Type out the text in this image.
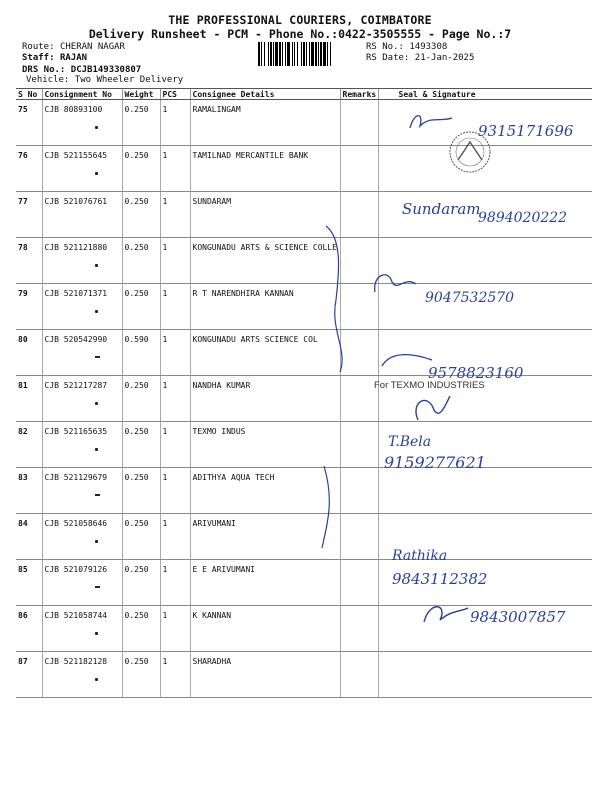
THE PROFESSIONAL COURIERS, COIMBATORE
Delivery Runsheet - PCM - Phone No.:0422-3505555 - Page No.:7
Route: CHERAN NAGAR
Staff: RAJAN
DRS No.: DCJB149330807
Vehicle: Two Wheeler Delivery
RS No.: 1493308
RS Date: 21-Jan-2025
S No	Consignment No	Weight	PCS	Consignee Details	Remarks	Seal & Signature
75	CJB 80893100	0.250	1	RAMALINGAM		
76	CJB 521155645	0.250	1	TAMILNAD MERCANTILE BANK		
77	CJB 521076761	0.250	1	SUNDARAM		
78	CJB 521121880	0.250	1	KONGUNADU ARTS & SCIENCE COLLE		
79	CJB 521071371	0.250	1	R T NARENDHIRA KANNAN		
80	CJB 520542990	0.590	1	KONGUNADU ARTS SCIENCE COL		
81	CJB 521217287	0.250	1	NANDHA KUMAR		
82	CJB 521165635	0.250	1	TEXMO INDUS		
83	CJB 521129679	0.250	1	ADITHYA AQUA TECH		
84	CJB 521058646	0.250	1	ARIVUMANI		
85	CJB 521079126	0.250	1	E E ARIVUMANI		
86	CJB 521058744	0.250	1	K KANNAN		
87	CJB 521182128	0.250	1	SHARADHA		
9315171696
Sundaram
9894020222
9047532570
9578823160
T.Bela
9159277621
Rathika
9843112382
9843007857
For TEXMO INDUSTRIES
